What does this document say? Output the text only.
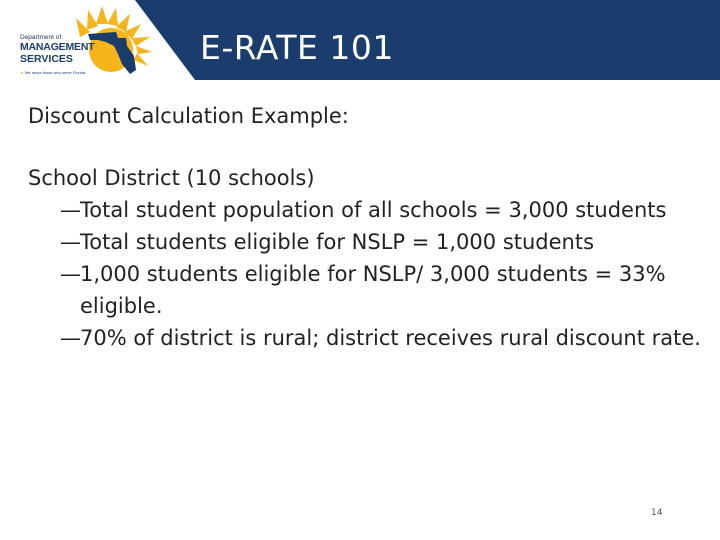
Department of
MANAGEMENT
SERVICES
★ We serve those who serve Florida
E-RATE 101
Discount Calculation Example:
School District (10 schools)
— Total student population of all schools = 3,000 students
— Total students eligible for NSLP = 1,000 students
— 1,000 students eligible for NSLP/ 3,000 students = 33% eligible.
— 70% of district is rural; district receives rural discount rate.
14
